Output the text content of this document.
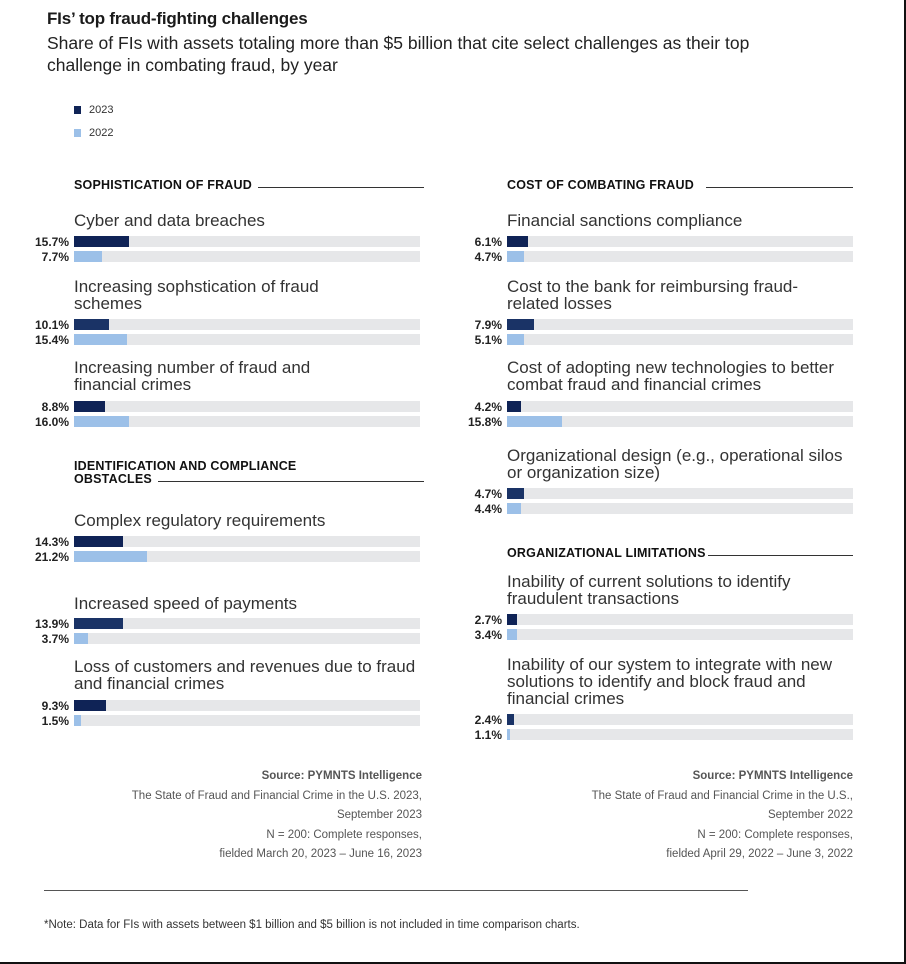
FIs’ top fraud-fighting challenges
Share of FIs with assets totaling more than $5 billion that cite select challenges as their top challenge in combating fraud, by year
2023
2022
SOPHISTICATION OF FRAUD
Cyber and data breaches
15.7%
7.7%
Increasing sophstication of fraud schemes
10.1%
15.4%
Increasing number of fraud and financial crimes
8.8%
16.0%
IDENTIFICATION AND COMPLIANCE
OBSTACLES
Complex regulatory requirements
14.3%
21.2%
Increased speed of payments
13.9%
3.7%
Loss of customers and revenues due to fraud and financial crimes
9.3%
1.5%
COST OF COMBATING FRAUD
Financial sanctions compliance
6.1%
4.7%
Cost to the bank for reimbursing fraud-related losses
7.9%
5.1%
Cost of adopting new technologies to better combat fraud and financial crimes
4.2%
15.8%
Organizational design (e.g., operational silos or organization size)
4.7%
4.4%
ORGANIZATIONAL LIMITATIONS
Inability of current solutions to identify fraudulent transactions
2.7%
3.4%
Inability of our system to integrate with new solutions to identify and block fraud and financial crimes
2.4%
1.1%
Source: PYMNTS Intelligence
The State of Fraud and Financial Crime in the U.S. 2023,
September 2023
N = 200: Complete responses,
fielded March 20, 2023 – June 16, 2023
Source: PYMNTS Intelligence
The State of Fraud and Financial Crime in the U.S.,
September 2022
N = 200: Complete responses,
fielded April 29, 2022 – June 3, 2022
*Note: Data for FIs with assets between $1 billion and $5 billion is not included in time comparison charts.
